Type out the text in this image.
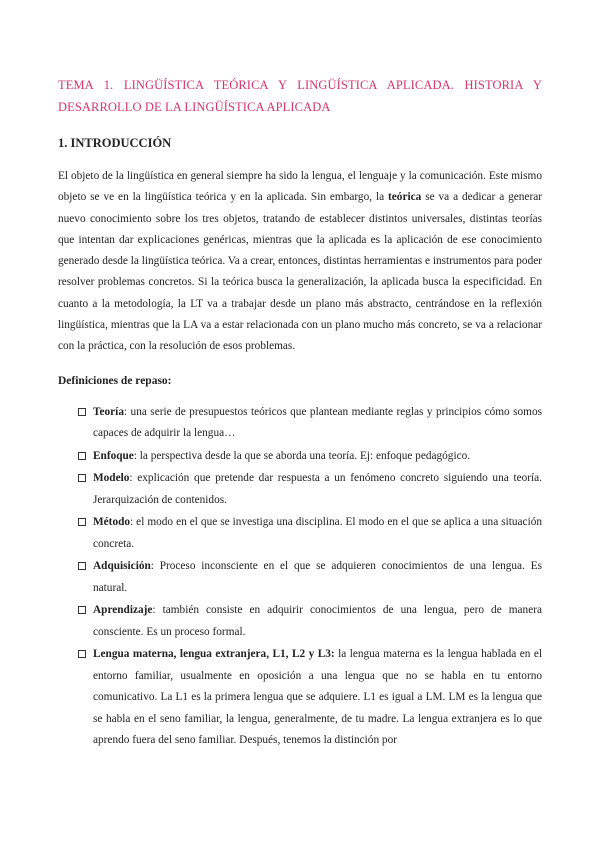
TEMA 1. LINGÜÍSTICA TEÓRICA Y LINGÜÍSTICA APLICADA. HISTORIA Y DESARROLLO DE LA LINGÜÍSTICA APLICADA
1. INTRODUCCIÓN
El objeto de la lingüística en general siempre ha sido la lengua, el lenguaje y la comunicación. Este mismo objeto se ve en la lingüística teórica y en la aplicada. Sin embargo, la teórica se va a dedicar a generar nuevo conocimiento sobre los tres objetos, tratando de establecer distintos universales, distintas teorías que intentan dar explicaciones genéricas, mientras que la aplicada es la aplicación de ese conocimiento generado desde la lingüística teórica. Va a crear, entonces, distintas herramientas e instrumentos para poder resolver problemas concretos. Si la teórica busca la generalización, la aplicada busca la especificidad. En cuanto a la metodología, la LT va a trabajar desde un plano más abstracto, centrándose en la reflexión lingüística, mientras que la LA va a estar relacionada con un plano mucho más concreto, se va a relacionar con la práctica, con la resolución de esos problemas.
Definiciones de repaso:
Teoría: una serie de presupuestos teóricos que plantean mediante reglas y principios cómo somos capaces de adquirir la lengua…
Enfoque: la perspectiva desde la que se aborda una teoría. Ej: enfoque pedagógico.
Modelo: explicación que pretende dar respuesta a un fenómeno concreto siguiendo una teoría. Jerarquización de contenidos.
Método: el modo en el que se investiga una disciplina. El modo en el que se aplica a una situación concreta.
Adquisición: Proceso inconsciente en el que se adquieren conocimientos de una lengua. Es natural.
Aprendizaje: también consiste en adquirir conocimientos de una lengua, pero de manera consciente. Es un proceso formal.
Lengua materna, lengua extranjera, L1, L2 y L3: la lengua materna es la lengua hablada en el entorno familiar, usualmente en oposición a una lengua que no se habla en tu entorno comunicativo. La L1 es la primera lengua que se adquiere. L1 es igual a LM. LM es la lengua que se habla en el seno familiar, la lengua, generalmente, de tu madre. La lengua extranjera es lo que aprendo fuera del seno familiar. Después, tenemos la distinción por
